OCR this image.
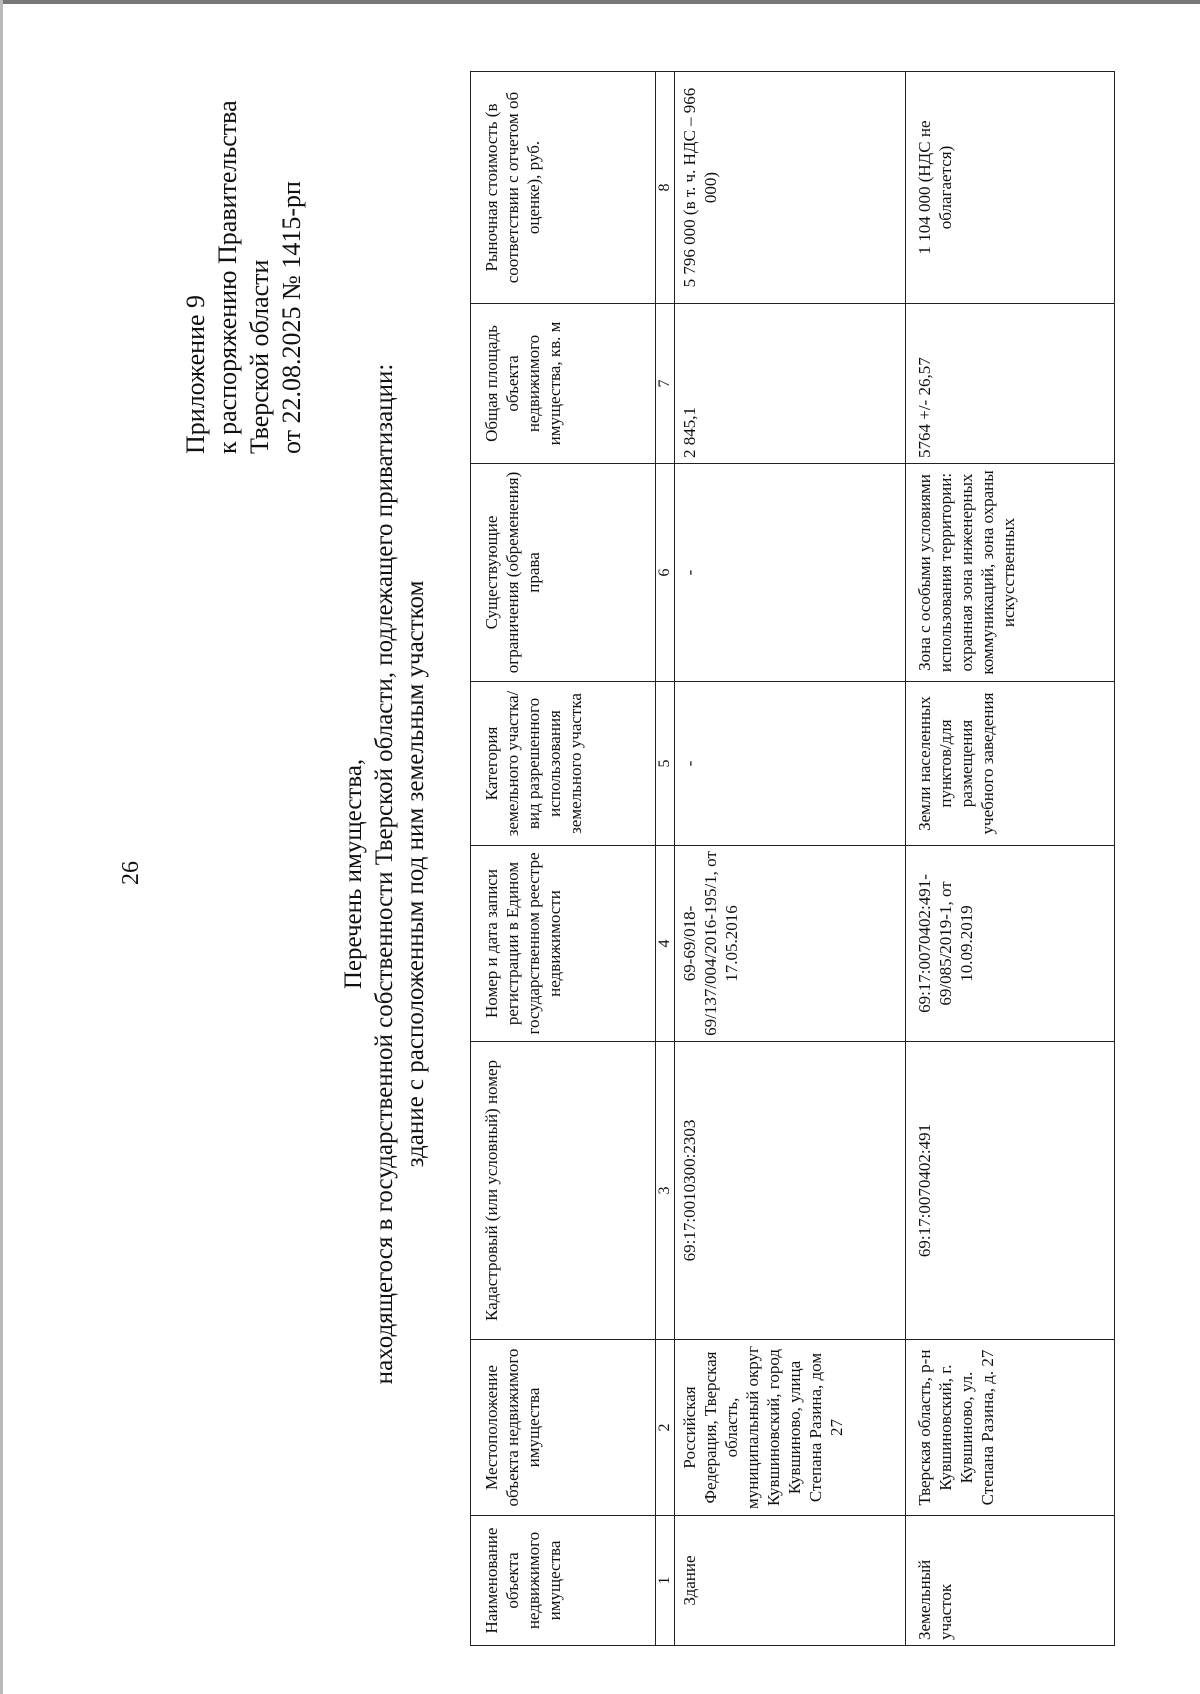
26
Приложение 9 к распоряжению Правительства Тверской области от 22.08.2025 № 1415-рп
Перечень имущества, находящегося в государственной собственности Тверской области, подлежащего приватизации: здание с расположенным под ним земельным участком
Наименование объекта недвижимого имущества	Местоположение объекта недвижимого имущества	Кадастровый (или условный) номер	Номер и дата записи регистрации в Едином государственном реестре недвижимости	Категория земельного участка/вид разрешенного использования земельного участка	Существующие ограничения (обременения) права	Общая площадь объекта недвижимого имущества, кв. м	Рыночная стоимость (в соответствии с отчетом об оценке), руб.
1	2	3	4	5	6	7	8
Здание	Российская Федерация, Тверская область, муниципальный округ Кувшиновский, город Кувшиново, улица Степана Разина, дом 27	69:17:0010300:2303	69-69/018-69/137/004/2016-195/1, от 17.05.2016	-	-	2 845,1	5 796 000 (в т. ч. НДС – 966 000)
Земельный участок	Тверская область, р-н Кувшиновский, г. Кувшиново, ул. Степана Разина, д. 27	69:17:0070402:491	69:17:0070402:491-69/085/2019-1, от 10.09.2019	Земли населенных пунктов/для размещения учебного заведения	Зона с особыми условиями использования территории: охранная зона инженерных коммуникаций, зона охраны искусственных	5764 +/- 26,57	1 104 000 (НДС не облагается)
